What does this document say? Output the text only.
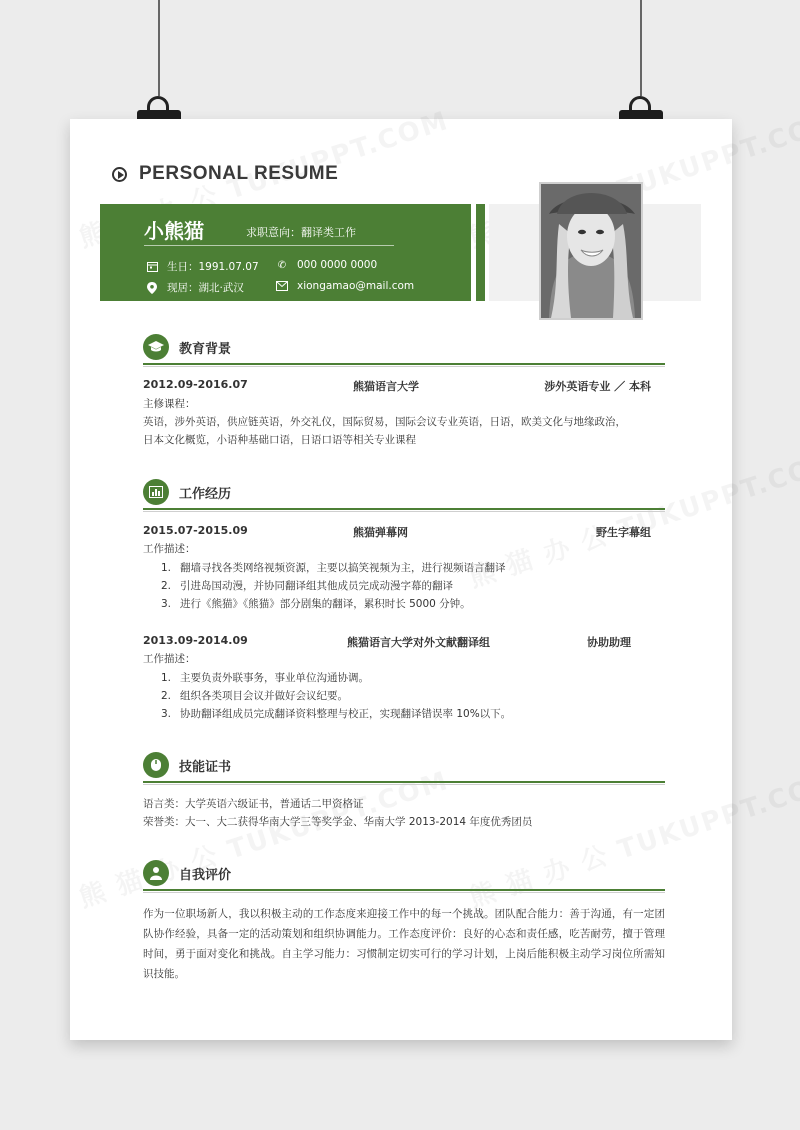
PERSONAL RESUME
小熊猫	求职意向：翻译类工作
生日：1991.07.07 ✆ 000 0000 0000
现居：湖北·武汉	xiongamao@mail.com
教育背景
2012.09-2016.07	熊猫语言大学	涉外英语专业 ／ 本科
主修课程：
英语，涉外英语，供应链英语，外交礼仪，国际贸易，国际会议专业英语，日语，欧美文化与地缘政治，
日本文化概览，小语种基础口语，日语口语等相关专业课程
工作经历
2015.07-2015.09	熊猫弹幕网	野生字幕组
工作描述：
1. 翻墙寻找各类网络视频资源，主要以搞笑视频为主，进行视频语言翻译
2. 引进岛国动漫，并协同翻译组其他成员完成动漫字幕的翻译
3. 进行《熊猫》《熊猫》部分剧集的翻译，累积时长 5000 分钟。
2013.09-2014.09	熊猫语言大学对外文献翻译组	协助助理
工作描述：
1. 主要负责外联事务，事业单位沟通协调。
2. 组织各类项目会议并做好会议纪要。
3. 协助翻译组成员完成翻译资料整理与校正，实现翻译错误率 10%以下。
技能证书
语言类：大学英语六级证书，普通话二甲资格证
荣誉类：大一、大二获得华南大学三等奖学金、华南大学 2013-2014 年度优秀团员
自我评价
作为一位职场新人，我以积极主动的工作态度来迎接工作中的每一个挑战。团队配合能力：善于沟通，有一定团队协作经验，具备一定的活动策划和组织协调能力。工作态度评价：良好的心态和责任感，吃苦耐劳，擅于管理时间，勇于面对变化和挑战。自主学习能力：习惯制定切实可行的学习计划，上岗后能积极主动学习岗位所需知识技能。
